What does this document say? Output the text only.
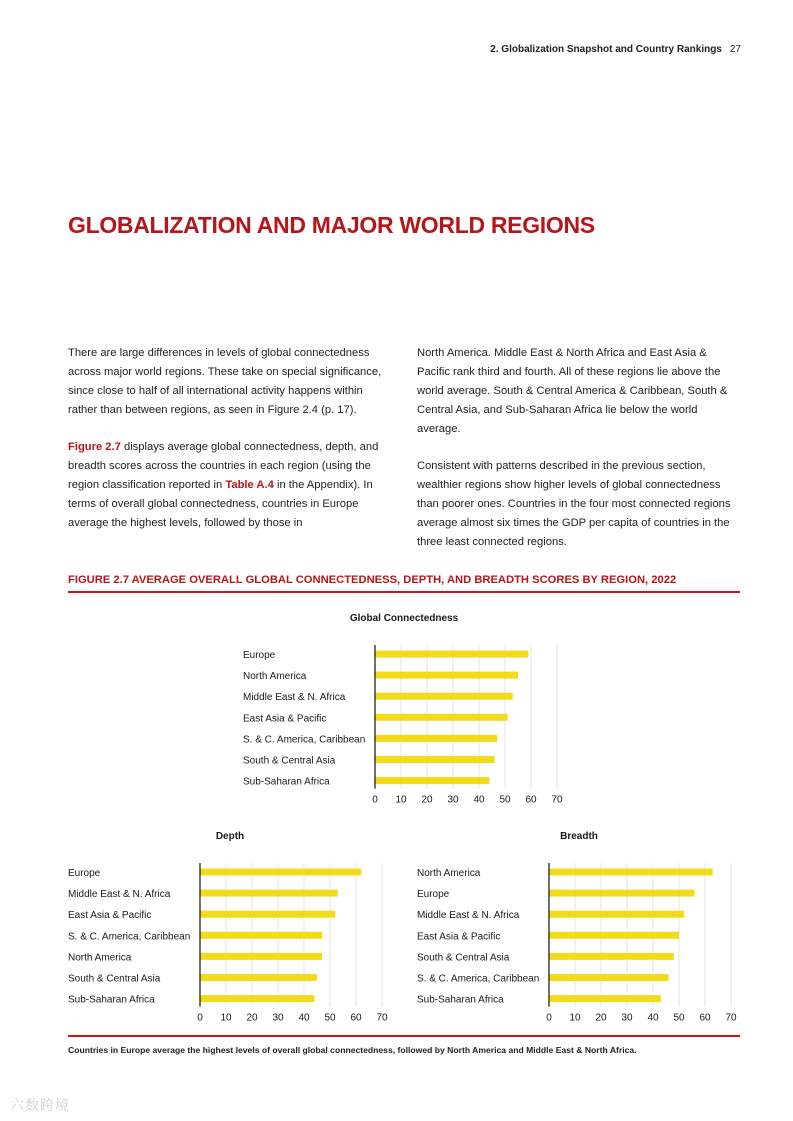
2. Globalization Snapshot and Country Rankings 27
GLOBALIZATION AND MAJOR WORLD REGIONS

There are large differences in levels of global connectedness across major world regions. These take on special significance, since close to half of all international activity happens within rather than between regions, as seen in Figure 2.4 (p. 17).

Figure 2.7 displays average global connectedness, depth, and breadth scores across the countries in each region (using the region classification reported in Table A.4 in the Appendix). In terms of overall global connectedness, countries in Europe average the highest levels, followed by those in

North America. Middle East & North Africa and East Asia & Pacific rank third and fourth. All of these regions lie above the world average. South & Central America & Caribbean, South & Central Asia, and Sub-Saharan Africa lie below the world average.

Consistent with patterns described in the previous section, wealthier regions show higher levels of global connectedness than poorer ones. Countries in the four most connected regions average almost six times the GDP per capita of countries in the three least connected regions.

FIGURE 2.7 AVERAGE OVERALL GLOBAL CONNECTEDNESS, DEPTH, AND BREADTH SCORES BY REGION, 2022
Global Connectedness
Europe
North America
Middle East & N. Africa
East Asia & Pacific
S. & C. America, Caribbean
South & Central Asia
Sub-Saharan Africa
0 10 20 30 40 50 60 70
Depth
Europe
Middle East & N. Africa
East Asia & Pacific
S. & C. America, Caribbean
North America
South & Central Asia
Sub-Saharan Africa
0 10 20 30 40 50 60 70
Breadth
North America
Europe
Middle East & N. Africa
East Asia & Pacific
South & Central Asia
S. & C. America, Caribbean
Sub-Saharan Africa
0 10 20 30 40 50 60 70
Countries in Europe average the highest levels of overall global connectedness, followed by North America and Middle East & North Africa.
六数跨境
